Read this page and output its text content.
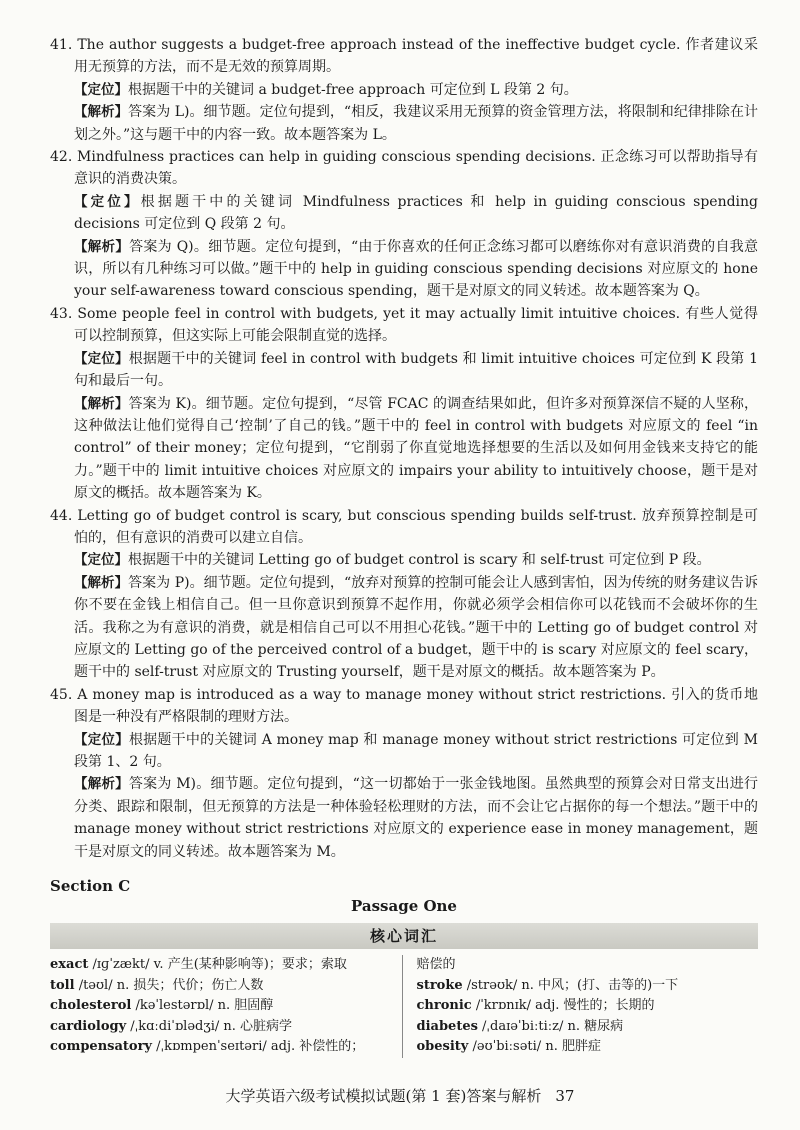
41. The author suggests a budget-free approach instead of the ineffective budget cycle. 作者建议采用无预算的方法，而不是无效的预算周期。

【定位】根据题干中的关键词 a budget-free approach 可定位到 L 段第 2 句。

【解析】答案为 L)。细节题。定位句提到，“相反，我建议采用无预算的资金管理方法，将限制和纪律排除在计划之外。”这与题干中的内容一致。故本题答案为 L。

42. Mindfulness practices can help in guiding conscious spending decisions. 正念练习可以帮助指导有意识的消费决策。

【定位】根据题干中的关键词 Mindfulness practices 和 help in guiding conscious spending decisions 可定位到 Q 段第 2 句。

【解析】答案为 Q)。细节题。定位句提到，“由于你喜欢的任何正念练习都可以磨练你对有意识消费的自我意识，所以有几种练习可以做。”题干中的 help in guiding conscious spending decisions 对应原文的 hone your self-awareness toward conscious spending，题干是对原文的同义转述。故本题答案为 Q。

43. Some people feel in control with budgets, yet it may actually limit intuitive choices. 有些人觉得可以控制预算，但这实际上可能会限制直觉的选择。

【定位】根据题干中的关键词 feel in control with budgets 和 limit intuitive choices 可定位到 K 段第 1 句和最后一句。

【解析】答案为 K)。细节题。定位句提到，“尽管 FCAC 的调查结果如此，但许多对预算深信不疑的人坚称，这种做法让他们觉得自己‘控制’了自己的钱。”题干中的 feel in control with budgets 对应原文的 feel “in control” of their money；定位句提到，“它削弱了你直觉地选择想要的生活以及如何用金钱来支持它的能力。”题干中的 limit intuitive choices 对应原文的 impairs your ability to intuitively choose，题干是对原文的概括。故本题答案为 K。

44. Letting go of budget control is scary, but conscious spending builds self-trust. 放弃预算控制是可怕的，但有意识的消费可以建立自信。

【定位】根据题干中的关键词 Letting go of budget control is scary 和 self-trust 可定位到 P 段。

【解析】答案为 P)。细节题。定位句提到，“放弃对预算的控制可能会让人感到害怕，因为传统的财务建议告诉你不要在金钱上相信自己。但一旦你意识到预算不起作用，你就必须学会相信你可以花钱而不会破坏你的生活。我称之为有意识的消费，就是相信自己可以不用担心花钱。”题干中的 Letting go of budget control 对应原文的 Letting go of the perceived control of a budget，题干中的 is scary 对应原文的 feel scary，题干中的 self-trust 对应原文的 Trusting yourself，题干是对原文的概括。故本题答案为 P。

45. A money map is introduced as a way to manage money without strict restrictions. 引入的货币地图是一种没有严格限制的理财方法。

【定位】根据题干中的关键词 A money map 和 manage money without strict restrictions 可定位到 M 段第 1、2 句。

【解析】答案为 M)。细节题。定位句提到，“这一切都始于一张金钱地图。虽然典型的预算会对日常支出进行分类、跟踪和限制，但无预算的方法是一种体验轻松理财的方法，而不会让它占据你的每一个想法。”题干中的 manage money without strict restrictions 对应原文的 experience ease in money management，题干是对原文的同义转述。故本题答案为 M。

Section C
Passage One
核心词汇
exact /ɪɡˈzækt/ v. 产生(某种影响等)；要求；索取
toll /təʊl/ n. 损失；代价；伤亡人数
cholesterol /kəˈlestərɒl/ n. 胆固醇
cardiology /ˌkɑːdiˈɒlədʒi/ n. 心脏病学
compensatory /ˌkɒmpenˈseɪtəri/ adj. 补偿性的；
赔偿的
stroke /strəʊk/ n. 中风；(打、击等的)一下
chronic /ˈkrɒnɪk/ adj. 慢性的；长期的
diabetes /ˌdaɪəˈbiːtiːz/ n. 糖尿病
obesity /əʊˈbiːsəti/ n. 肥胖症
大学英语六级考试模拟试题(第 1 套)答案与解析 37
